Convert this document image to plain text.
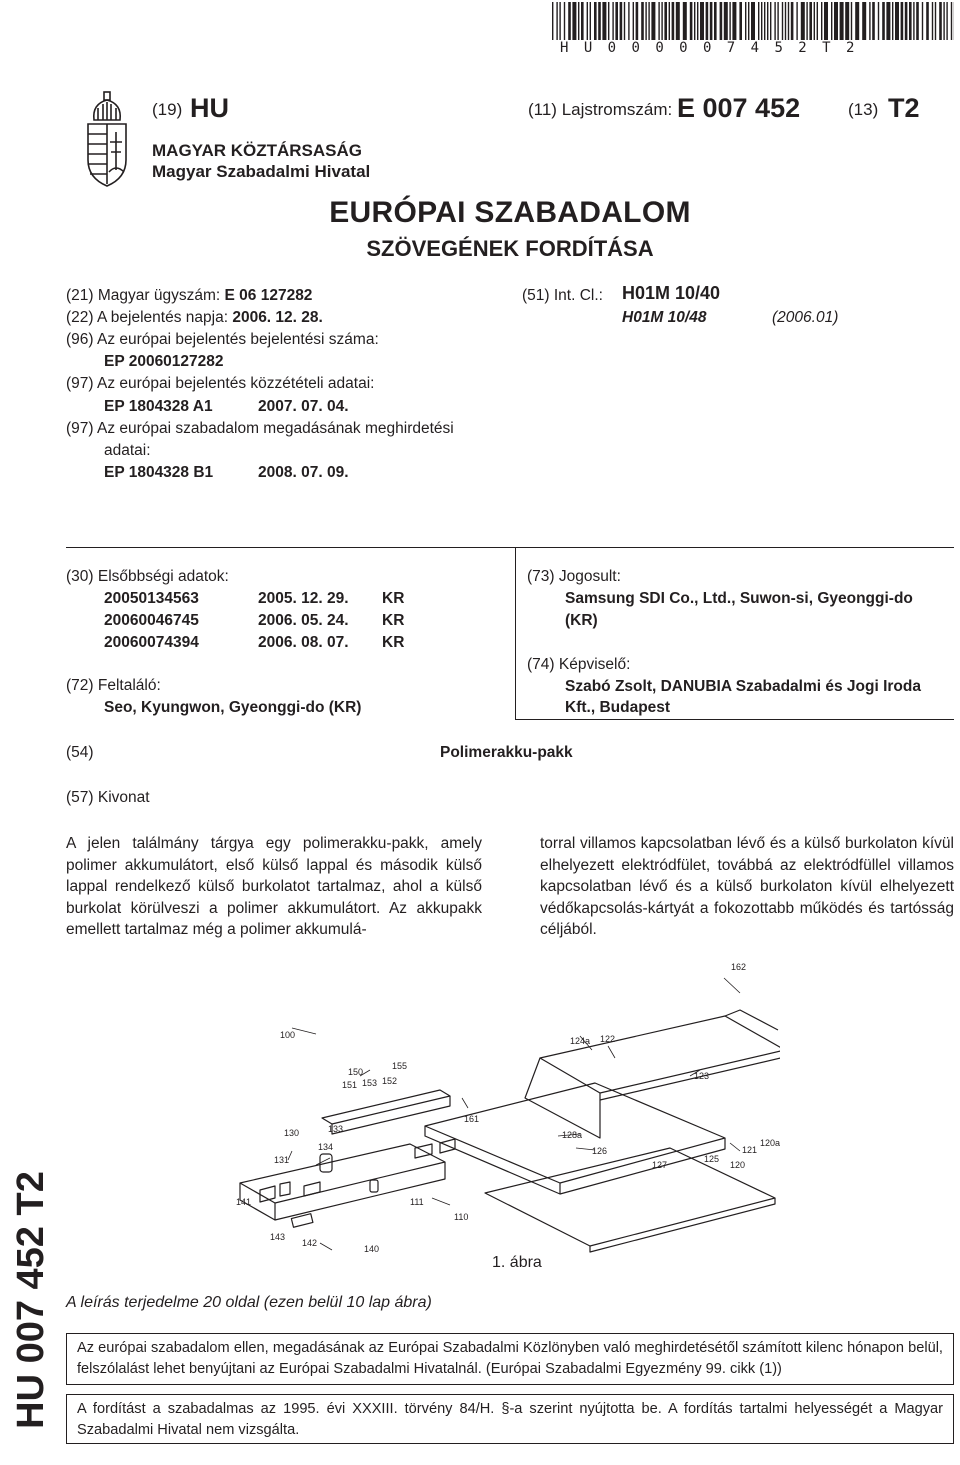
HU000007452T2
(19) HU	(11) Lajstromszám: E 007 452	(13) T2
MAGYAR KÖZTÁRSASÁG
Magyar Szabadalmi Hivatal
EURÓPAI SZABADALOM
SZÖVEGÉNEK FORDÍTÁSA
(21) Magyar ügyszám: E 06 127282
(22) A bejelentés napja: 2006. 12. 28.
(96) Az európai bejelentés bejelentési száma:
EP 20060127282
(97) Az európai bejelentés közzétételi adatai:
EP 1804328 A1	2007. 07. 04.
(97) Az európai szabadalom megadásának meghirdetési
adatai:
EP 1804328 B1	2008. 07. 09.
(51) Int. Cl.: H01M 10/40
H01M 10/48	(2006.01)
(30) Elsőbbségi adatok:
20050134563	2005. 12. 29. KR
20060046745	2006. 05. 24. KR
20060074394	2006. 08. 07. KR
(72) Feltaláló:
Seo, Kyungwon, Gyeonggi-do (KR)
(73) Jogosult:
Samsung SDI Co., Ltd., Suwon-si, Gyeonggi-do
(KR)
(74) Képviselő:
Szabó Zsolt, DANUBIA Szabadalmi és Jogi Iroda
Kft., Budapest
(54)	Polimerakku-pakk
(57) Kivonat
A jelen találmány tárgya egy polimerakku-pakk, amely polimer akkumulátort, első külső lappal és második külső lappal rendelkező külső burkolatot tartalmaz, ahol a külső burkolat körülveszi a polimer akkumulátort. Az akkupakk emellett tartalmaz még a polimer akkumulá-
torral villamos kapcsolatban lévő és a külső burkolaton kívül elhelyezett elektródfület, továbbá az elektródfüllel villamos kapcsolatban lévő és a külső burkolaton kívül elhelyezett védőkapcsolás-kártyát a fokozottabb működés és tartósság céljából.
100
162
124a 122
123
150
155
151 153 152
161
130	133
134
131
128a
126	121
120a
127
125
120
141	111
110
143
142
140
1. ábra
A leírás terjedelme 20 oldal (ezen belül 10 lap ábra)
Az európai szabadalom ellen, megadásának az Európai Szabadalmi Közlönyben való meghirdetésétől számított kilenc hónapon belül, felszólalást lehet benyújtani az Európai Szabadalmi Hivatalnál. (Európai Szabadalmi Egyezmény 99. cikk (1))
A fordítást a szabadalmas az 1995. évi XXXIII. törvény 84/H. §-a szerint nyújtotta be. A fordítás tartalmi helyességét a Magyar Szabadalmi Hivatal nem vizsgálta.
HU 007 452 T2
